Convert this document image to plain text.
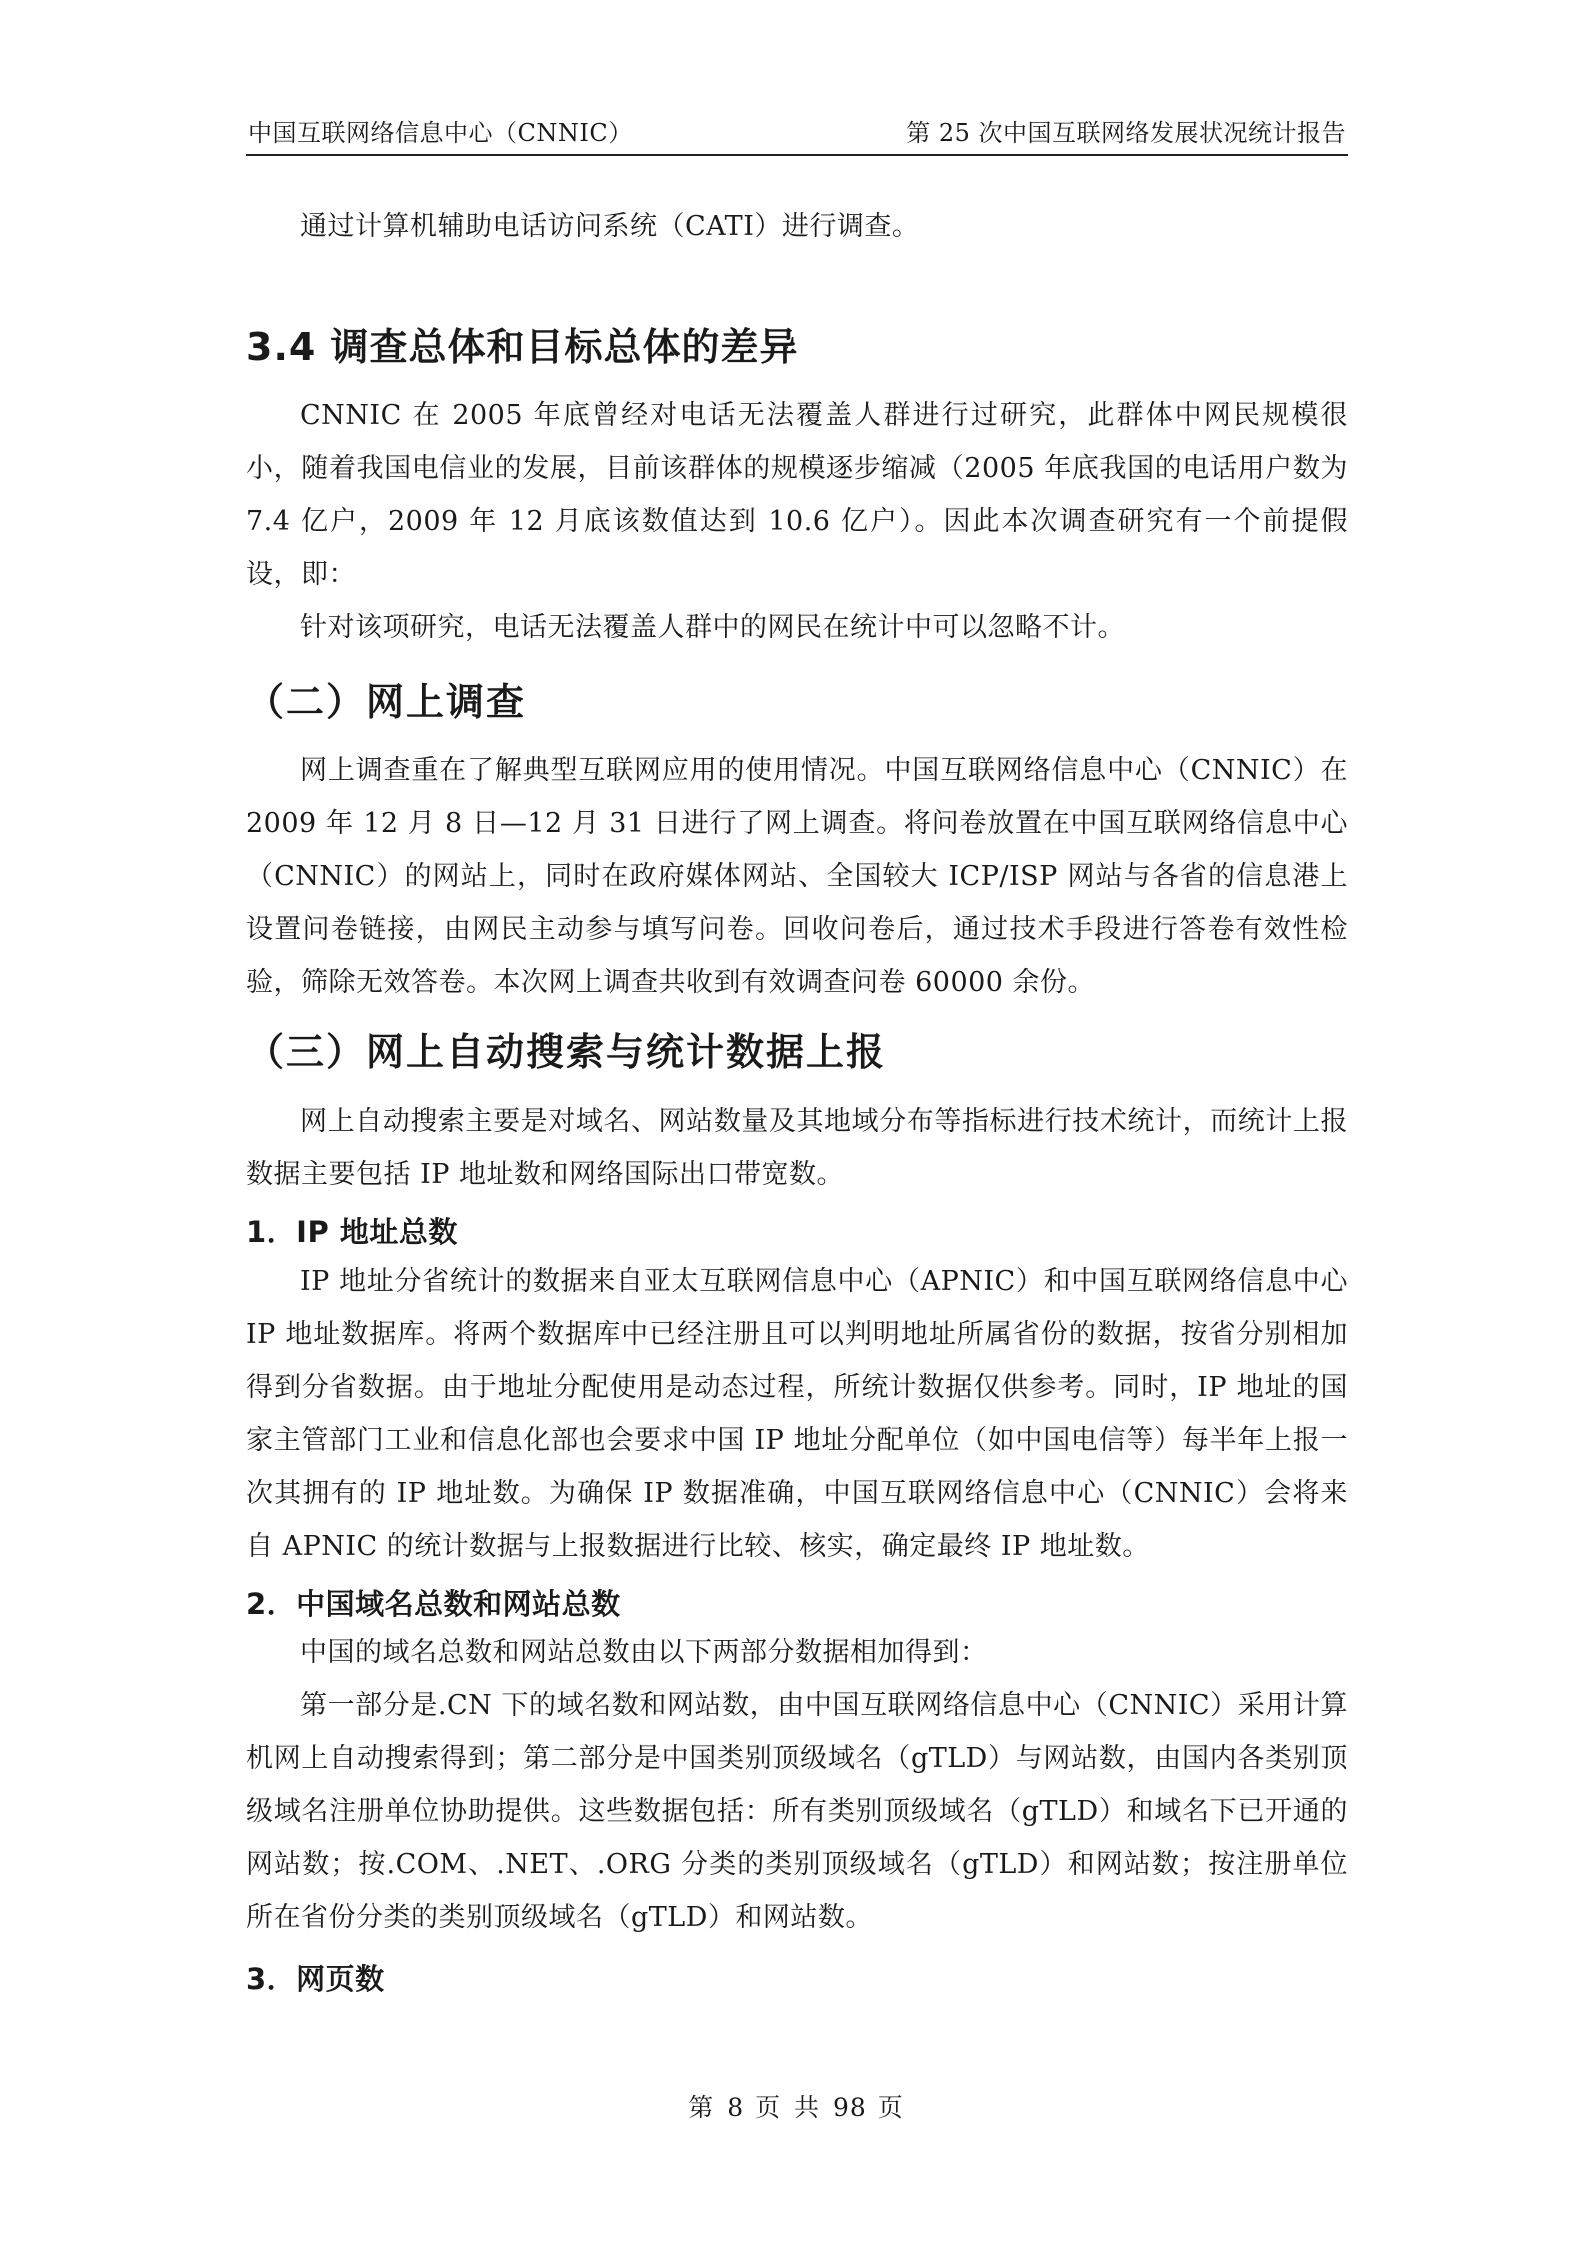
中国互联网络信息中心（CNNIC）	第 25 次中国互联网络发展状况统计报告

通过计算机辅助电话访问系统（CATI）进行调查。

3.4 调查总体和目标总体的差异

CNNIC 在 2005 年底曾经对电话无法覆盖人群进行过研究，此群体中网民规模很小，随着我国电信业的发展，目前该群体的规模逐步缩减（2005 年底我国的电话用户数为 7.4 亿户，2009 年 12 月底该数值达到 10.6 亿户）。因此本次调查研究有一个前提假设，即：

针对该项研究，电话无法覆盖人群中的网民在统计中可以忽略不计。

（二）网上调查

网上调查重在了解典型互联网应用的使用情况。中国互联网络信息中心（CNNIC）在 2009 年 12 月 8 日—12 月 31 日进行了网上调查。将问卷放置在中国互联网络信息中心（CNNIC）的网站上，同时在政府媒体网站、全国较大 ICP/ISP 网站与各省的信息港上设置问卷链接，由网民主动参与填写问卷。回收问卷后，通过技术手段进行答卷有效性检验，筛除无效答卷。本次网上调查共收到有效调查问卷 60000 余份。

（三）网上自动搜索与统计数据上报

网上自动搜索主要是对域名、网站数量及其地域分布等指标进行技术统计，而统计上报数据主要包括 IP 地址数和网络国际出口带宽数。

1．IP 地址总数

IP 地址分省统计的数据来自亚太互联网信息中心（APNIC）和中国互联网络信息中心 IP 地址数据库。将两个数据库中已经注册且可以判明地址所属省份的数据，按省分别相加得到分省数据。由于地址分配使用是动态过程，所统计数据仅供参考。同时，IP 地址的国家主管部门工业和信息化部也会要求中国 IP 地址分配单位（如中国电信等）每半年上报一次其拥有的 IP 地址数。为确保 IP 数据准确，中国互联网络信息中心（CNNIC）会将来自 APNIC 的统计数据与上报数据进行比较、核实，确定最终 IP 地址数。

2．中国域名总数和网站总数

中国的域名总数和网站总数由以下两部分数据相加得到：

第一部分是.CN 下的域名数和网站数，由中国互联网络信息中心（CNNIC）采用计算机网上自动搜索得到；第二部分是中国类别顶级域名（gTLD）与网站数，由国内各类别顶级域名注册单位协助提供。这些数据包括：所有类别顶级域名（gTLD）和域名下已开通的网站数；按.COM、.NET、.ORG 分类的类别顶级域名（gTLD）和网站数；按注册单位所在省份分类的类别顶级域名（gTLD）和网站数。

3．网页数
第 8 页 共 98 页
